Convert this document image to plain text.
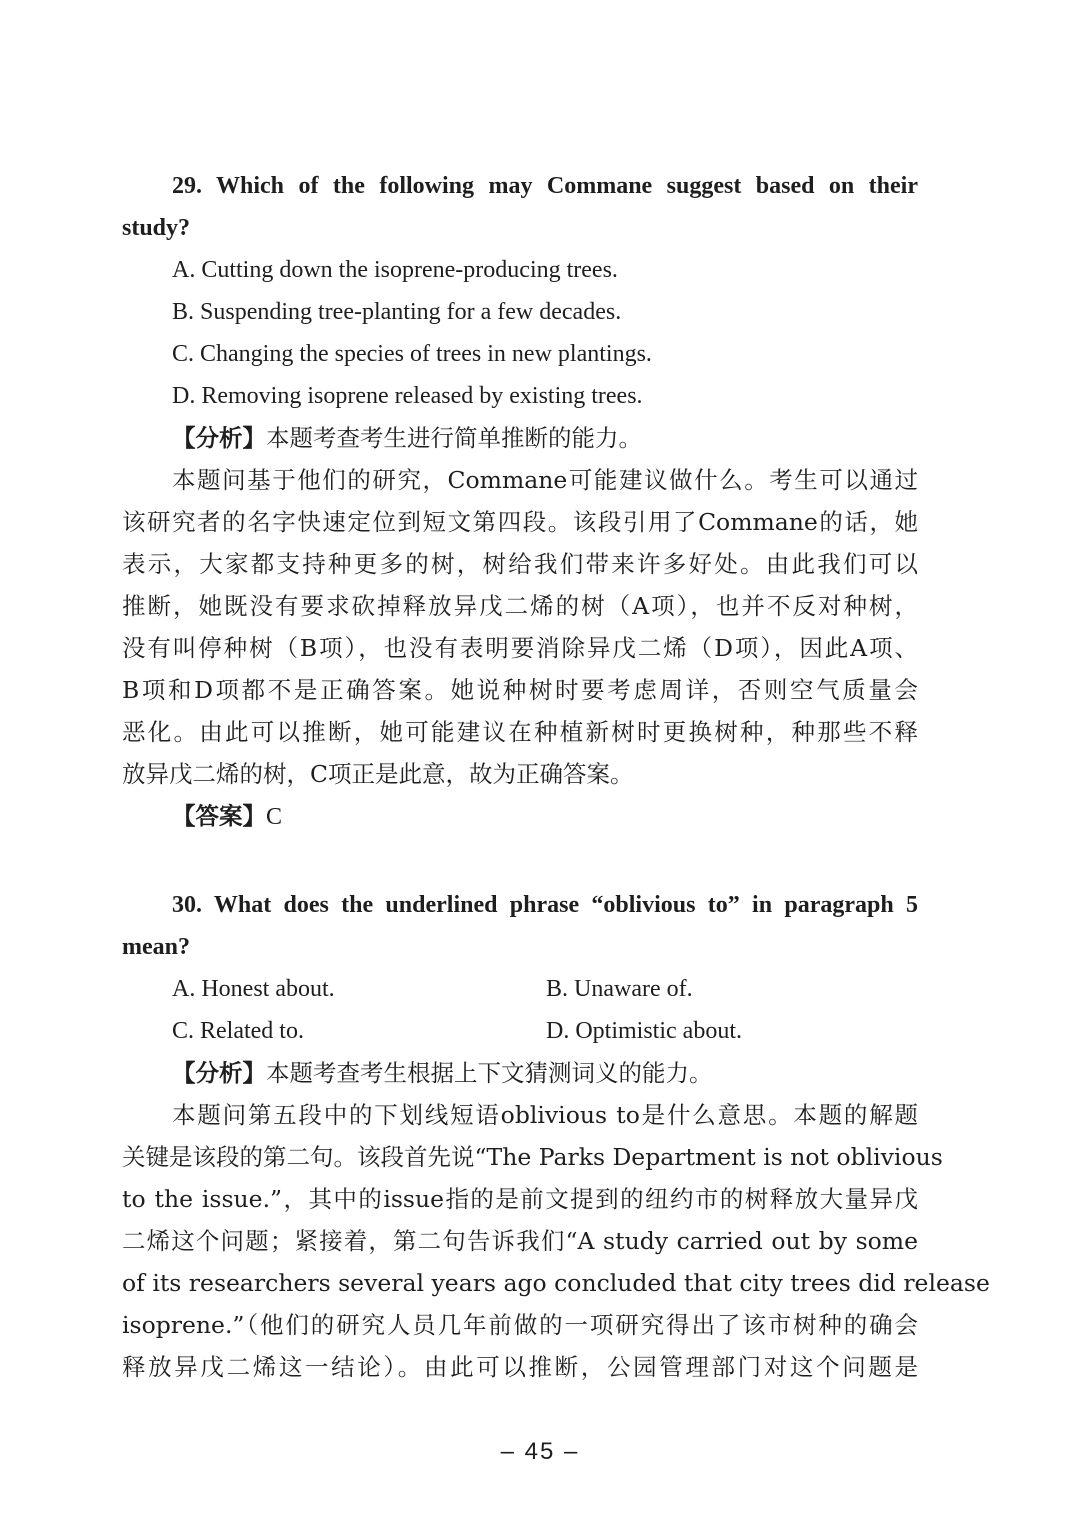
29. Which of the following may Commane suggest based on their
study?
A. Cutting down the isoprene-producing trees.
B. Suspending tree-planting for a few decades.
C. Changing the species of trees in new plantings.
D. Removing isoprene released by existing trees.
【分析】本题考查考生进行简单推断的能力。
本题问基于他们的研究，Commane可能建议做什么。考生可以通过
该研究者的名字快速定位到短文第四段。该段引用了Commane的话，她
表示，大家都支持种更多的树，树给我们带来许多好处。由此我们可以
推断，她既没有要求砍掉释放异戊二烯的树（A项），也并不反对种树，
没有叫停种树（B项），也没有表明要消除异戊二烯（D项），因此A项、
B项和D项都不是正确答案。她说种树时要考虑周详，否则空气质量会
恶化。由此可以推断，她可能建议在种植新树时更换树种，种那些不释
放异戊二烯的树，C项正是此意，故为正确答案。
【答案】C
30. What does the underlined phrase “oblivious to” in paragraph 5
mean?
A. Honest about.	B. Unaware of.
C. Related to.	D. Optimistic about.
【分析】本题考查考生根据上下文猜测词义的能力。
本题问第五段中的下划线短语oblivious to是什么意思。本题的解题
关键是该段的第二句。该段首先说“The Parks Department is not oblivious
to the issue.”，其中的issue指的是前文提到的纽约市的树释放大量异戊
二烯这个问题；紧接着，第二句告诉我们“A study carried out by some
of its researchers several years ago concluded that city trees did release
isoprene.”（他们的研究人员几年前做的一项研究得出了该市树种的确会
释放异戊二烯这一结论）。由此可以推断，公园管理部门对这个问题是
– 45 –
